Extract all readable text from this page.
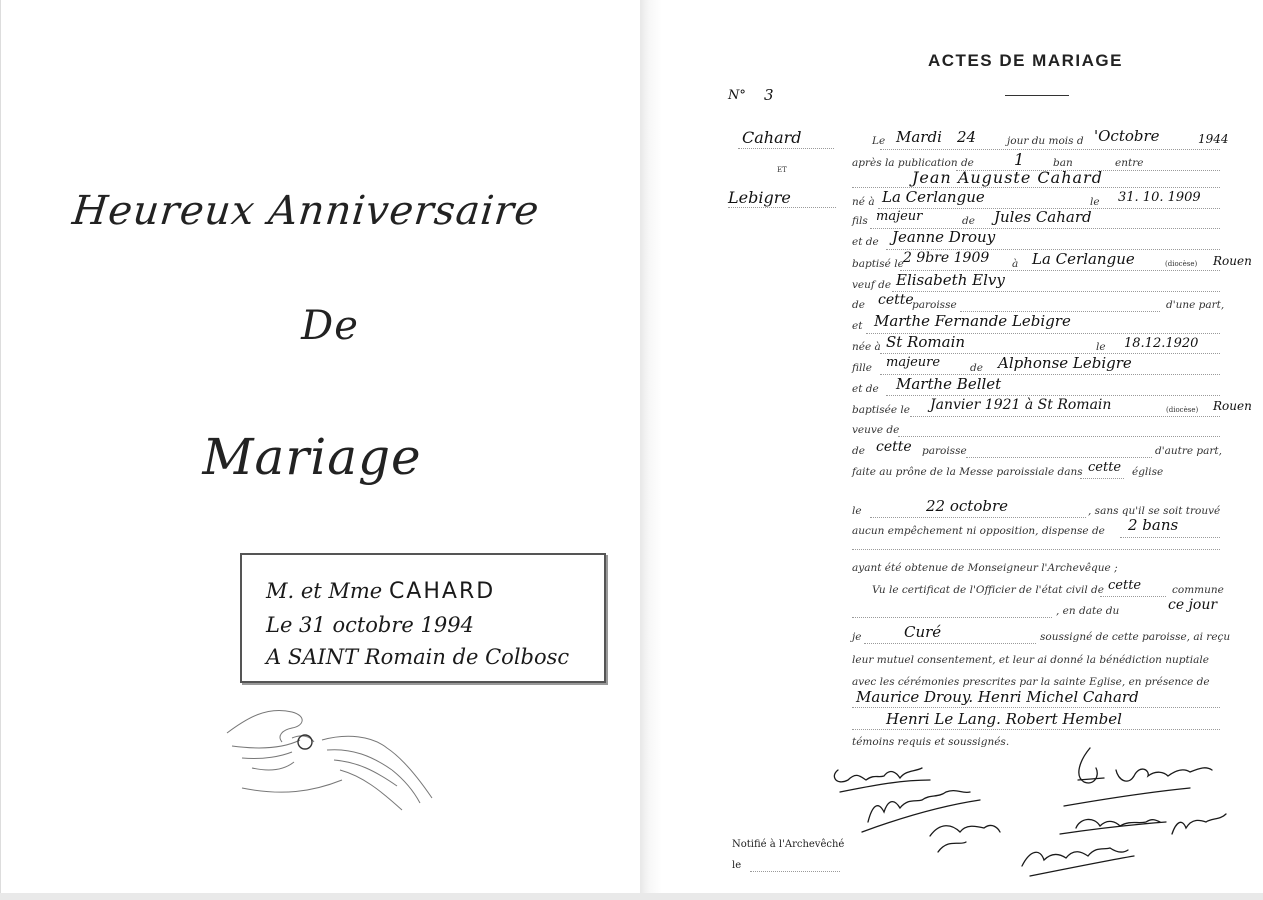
Heureux Anniversaire
De
Mariage
M. et Mme CAHARD
Le 31 octobre 1994
A SAINT Romain de Colbosc
ACTES DE MARIAGE
N° 3
Cahard
ET
Lebigre
Le Mardi 24	jour du mois d 'Octobre	1944
après la publication de	1	ban	entre
Jean Auguste Cahard
né à La Cerlangue	le 31. 10. 1909
fils majeur	de Jules Cahard
et de Jeanne Drouy
baptisé le 2 9bre 1909 à La Cerlangue	(diocèse) Rouen
veuf de Elisabeth Elvy
de cette
paroisse	d'une part,
et Marthe Fernande Lebigre
née à St Romain	le 18.12.1920
fille majeure	de Alphonse Lebigre
et de Marthe Bellet
baptisée le Janvier 1921 à St Romain	(diocèse) Rouen
veuve de
de cette paroisse	d'autre part,
faite au prône de la Messe paroissiale dans cette église
le	22 octobre	, sans qu'il se soit trouvé
aucun empêchement ni opposition, dispense de 2 bans
ayant été obtenue de Monseigneur l'Archevêque ;
Vu le certificat de l'Officier de l'état civil de cette	commune
, en date du	ce jour
je	Curé	soussigné de cette paroisse, ai reçu
leur mutuel consentement, et leur ai donné la bénédiction nuptiale
avec les cérémonies prescrites par la sainte Eglise, en présence de
Maurice Drouy. Henri Michel Cahard
Henri Le Lang. Robert Hembel
témoins requis et soussignés.
Notifié à l'Archevêché
le
